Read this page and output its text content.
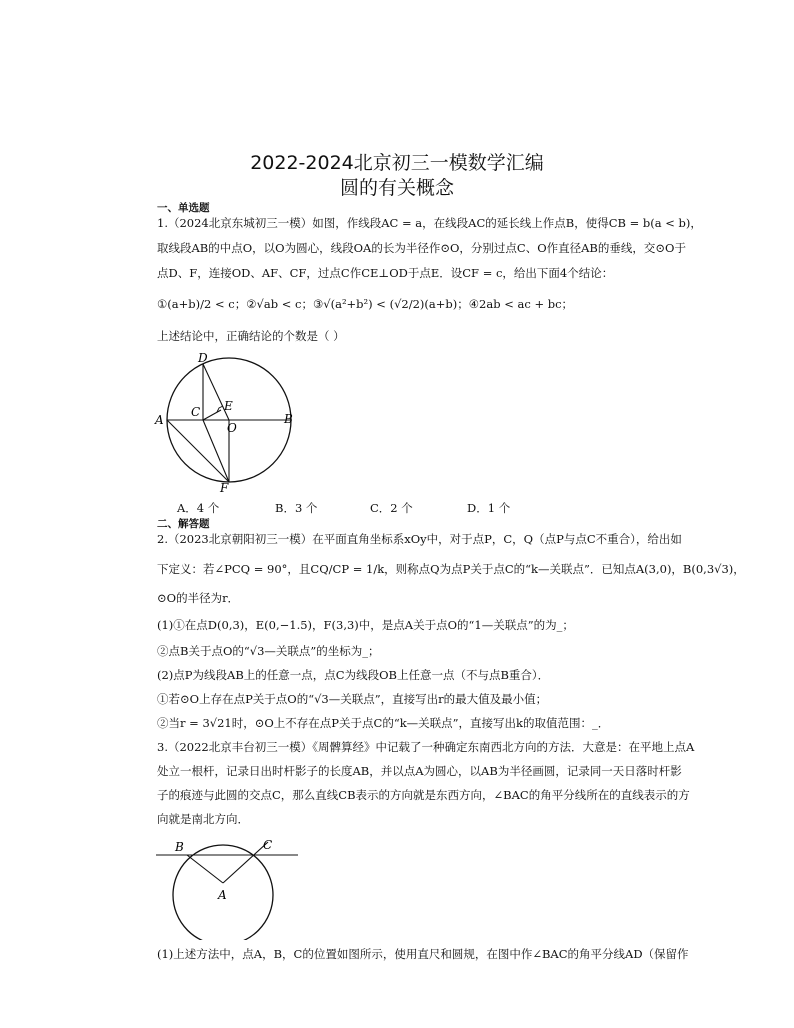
2022-2024北京初三一模数学汇编
圆的有关概念
一、单选题
1.（2024北京东城初三一模）如图，作线段AC = a，在线段AC的延长线上作点B，使得CB = b(a < b)，
取线段AB的中点O，以O为圆心，线段OA的长为半径作⊙O，分别过点C、O作直径AB的垂线，交⊙O于
点D、F，连接OD、AF、CF，过点C作CE⊥OD于点E．设CF = c，给出下面4个结论：
①(a+b)/2 < c；②√ab < c；③√(a²+b²) < (√2/2)(a+b)；④2ab < ac + bc；
上述结论中，正确结论的个数是（ ）
D
A
C E
O
B
F
A．4 个	B．3 个	C．2 个	D．1 个
二、解答题
2.（2023北京朝阳初三一模）在平面直角坐标系xOy中，对于点P，C，Q（点P与点C不重合），给出如
下定义：若∠PCQ = 90°，且CQ/CP = 1/k，则称点Q为点P关于点C的“k—关联点”．已知点A(3,0)，B(0,3√3)，
⊙O的半径为r．
(1)①在点D(0,3)，E(0,−1.5)，F(3,3)中，是点A关于点O的“1—关联点”的为_；
②点B关于点O的“√3—关联点”的坐标为_；
(2)点P为线段AB上的任意一点，点C为线段OB上任意一点（不与点B重合）．
①若⊙O上存在点P关于点O的“√3—关联点”，直接写出r的最大值及最小值；
②当r = 3√21时，⊙O上不存在点P关于点C的“k—关联点”，直接写出k的取值范围：_．
3.（2022北京丰台初三一模）《周髀算经》中记载了一种确定东南西北方向的方法．大意是：在平地上点A
处立一根杆，记录日出时杆影子的长度AB，并以点A为圆心，以AB为半径画圆，记录同一天日落时杆影
子的痕迹与此圆的交点C，那么直线CB表示的方向就是东西方向，∠BAC的角平分线所在的直线表示的方
向就是南北方向．
B	C
A
(1)上述方法中，点A，B，C的位置如图所示，使用直尺和圆规，在图中作∠BAC的角平分线AD（保留作
